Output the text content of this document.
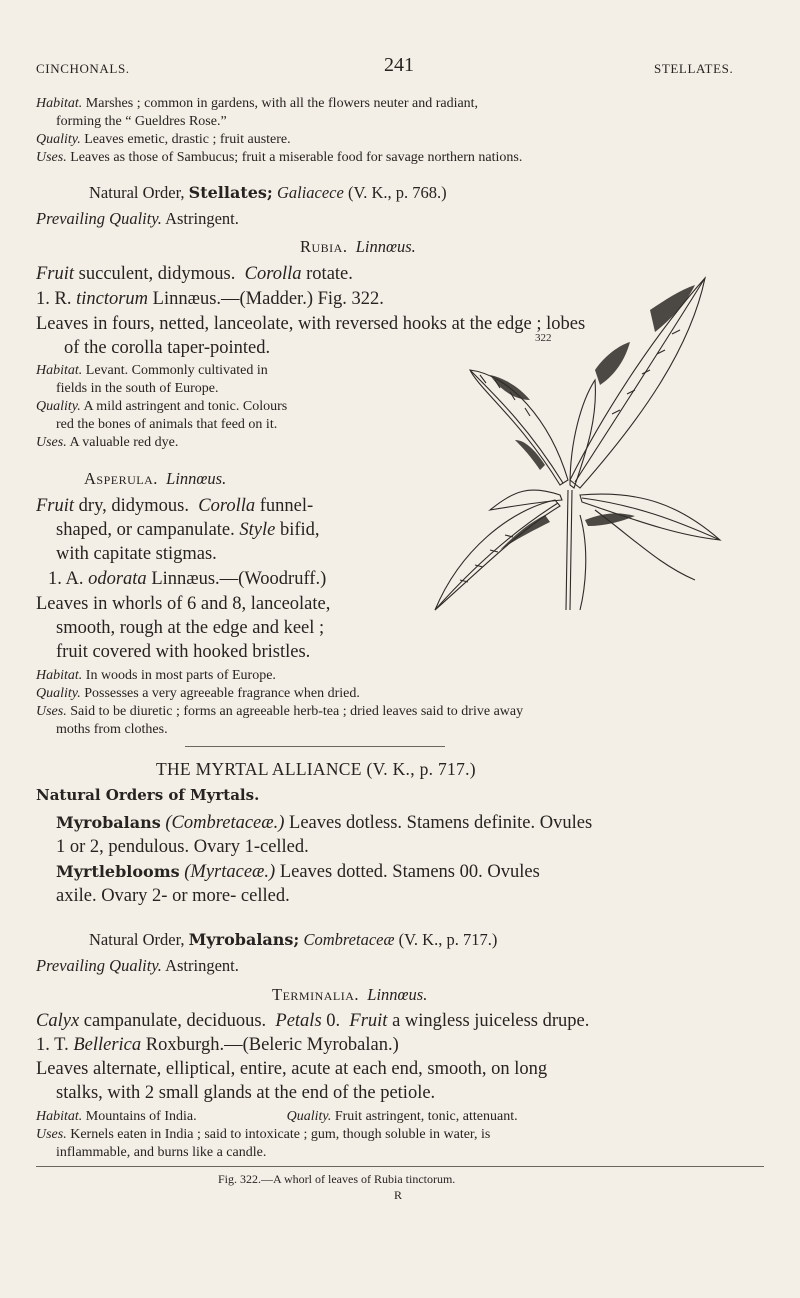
CINCHONALS.	241	STELLATES.
Habitat. Marshes ; common in gardens, with all the flowers neuter and radiant,
forming the “ Gueldres Rose.”
Quality. Leaves emetic, drastic ; fruit austere.
Uses. Leaves as those of Sambucus; fruit a miserable food for savage northern nations.
Natural Order, Stellates; Galiacece (V. K., p. 768.)
Prevailing Quality. Astringent.
Rubia. Linnœus.
Fruit succulent, didymous. Corolla rotate.
1. R. tinctorum Linnæus.—(Madder.) Fig. 322.
Leaves in fours, netted, lanceolate, with reversed hooks at the edge ; lobes
of the corolla taper-pointed.
Habitat. Levant. Commonly cultivated in
fields in the south of Europe.
Quality. A mild astringent and tonic. Colours
red the bones of animals that feed on it.
Uses. A valuable red dye.
Asperula. Linnœus.
Fruit dry, didymous. Corolla funnel-
shaped, or campanulate. Style bifid,
with capitate stigmas.
1. A. odorata Linnæus.—(Woodruff.)
Leaves in whorls of 6 and 8, lanceolate,
smooth, rough at the edge and keel ;
fruit covered with hooked bristles.
Habitat. In woods in most parts of Europe.
Quality. Possesses a very agreeable fragrance when dried.
Uses. Said to be diuretic ; forms an agreeable herb-tea ; dried leaves said to drive away
moths from clothes.
322
THE MYRTAL ALLIANCE (V. K., p. 717.)
Natural Orders of Myrtals.
Myrobalans (Combretaceæ.) Leaves dotless. Stamens definite. Ovules
1 or 2, pendulous. Ovary 1-celled.
Myrtleblooms (Myrtaceæ.) Leaves dotted. Stamens 00. Ovules
axile. Ovary 2- or more- celled.
Natural Order, Myrobalans; Combretaceæ (V. K., p. 717.)
Prevailing Quality. Astringent.
Terminalia. Linnœus.
Calyx campanulate, deciduous. Petals 0. Fruit a wingless juiceless drupe.
1. T. Bellerica Roxburgh.—(Beleric Myrobalan.)
Leaves alternate, elliptical, entire, acute at each end, smooth, on long
stalks, with 2 small glands at the end of the petiole.
Habitat. Mountains of India.	Quality. Fruit astringent, tonic, attenuant.
Uses. Kernels eaten in India ; said to intoxicate ; gum, though soluble in water, is
inflammable, and burns like a candle.
Fig. 322.—A whorl of leaves of Rubia tinctorum.
R
